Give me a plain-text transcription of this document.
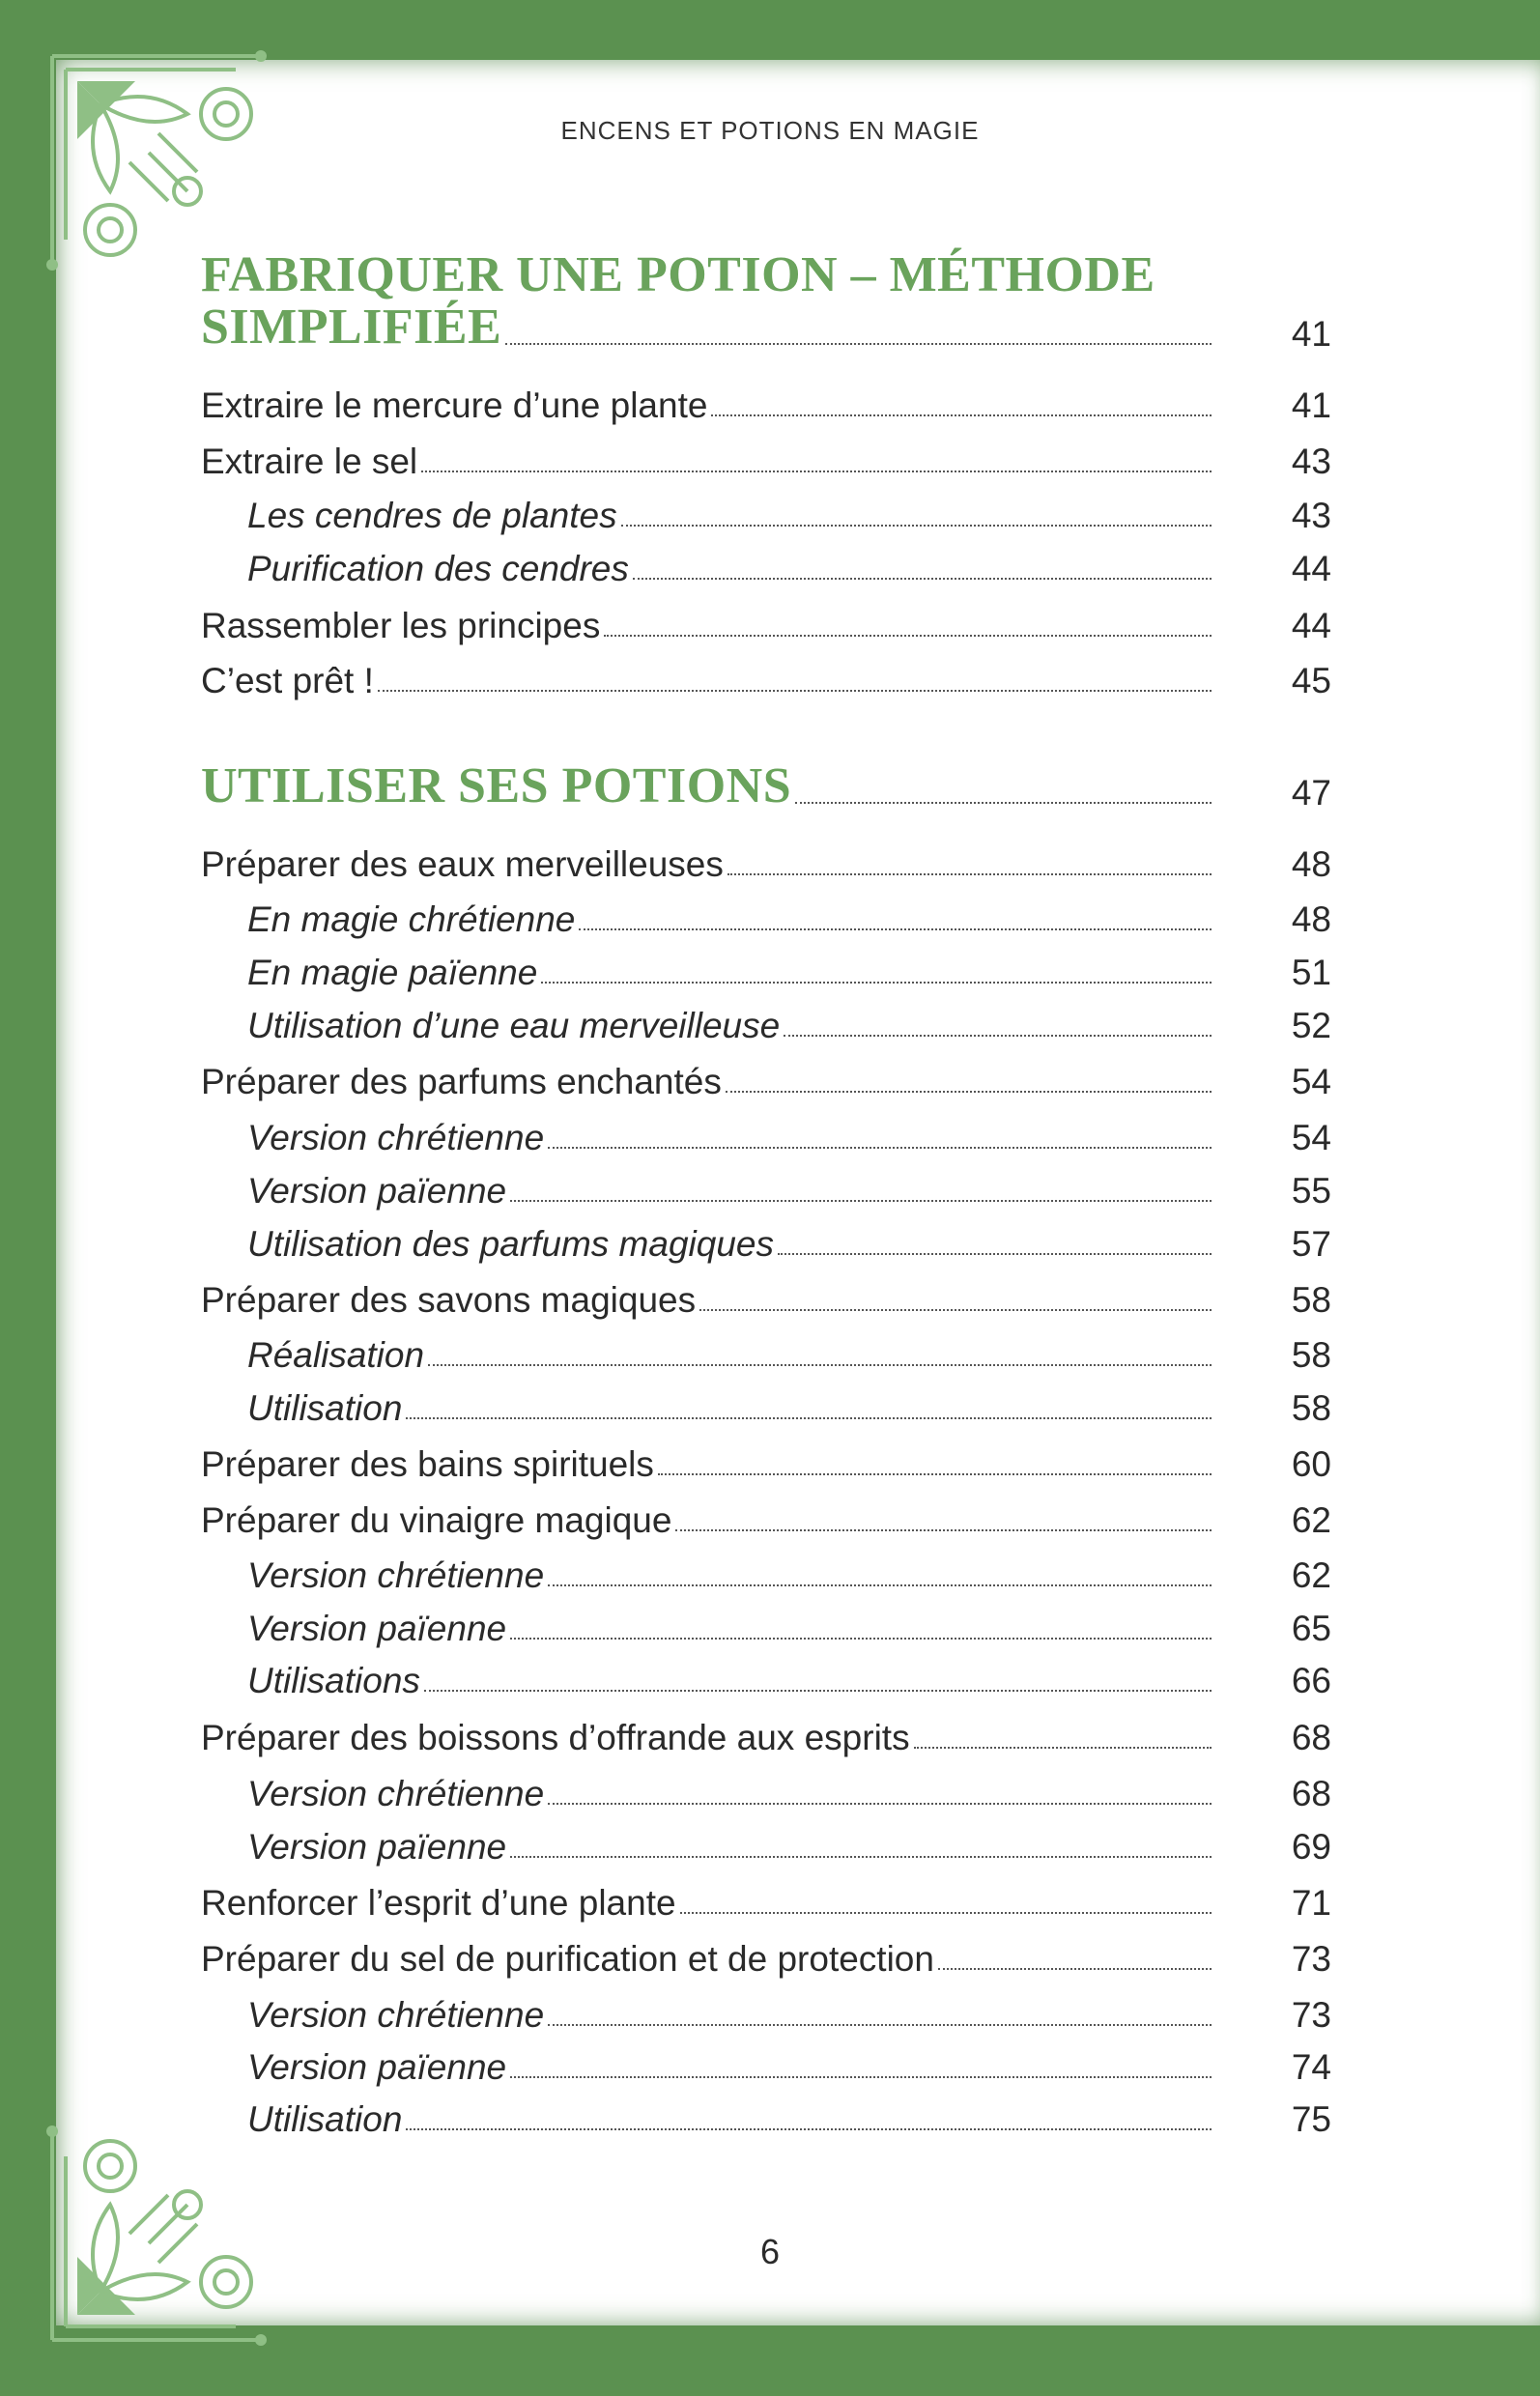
ENCENS ET POTIONS EN MAGIE
FABRIQUER UNE POTION – MÉTHODE
SIMPLIFIÉE	41
Extraire le mercure d’une plante	41
Extraire le sel	43
Les cendres de plantes	43
Purification des cendres	44
Rassembler les principes	44
C’est prêt !	45
UTILISER SES POTIONS	47
Préparer des eaux merveilleuses	48
En magie chrétienne	48
En magie païenne	51
Utilisation d’une eau merveilleuse	52
Préparer des parfums enchantés	54
Version chrétienne	54
Version païenne	55
Utilisation des parfums magiques	57
Préparer des savons magiques	58
Réalisation	58
Utilisation	58
Préparer des bains spirituels	60
Préparer du vinaigre magique	62
Version chrétienne	62
Version païenne	65
Utilisations	66
Préparer des boissons d’offrande aux esprits	68
Version chrétienne	68
Version païenne	69
Renforcer l’esprit d’une plante	71
Préparer du sel de purification et de protection	73
Version chrétienne	73
Version païenne	74
Utilisation	75
6
